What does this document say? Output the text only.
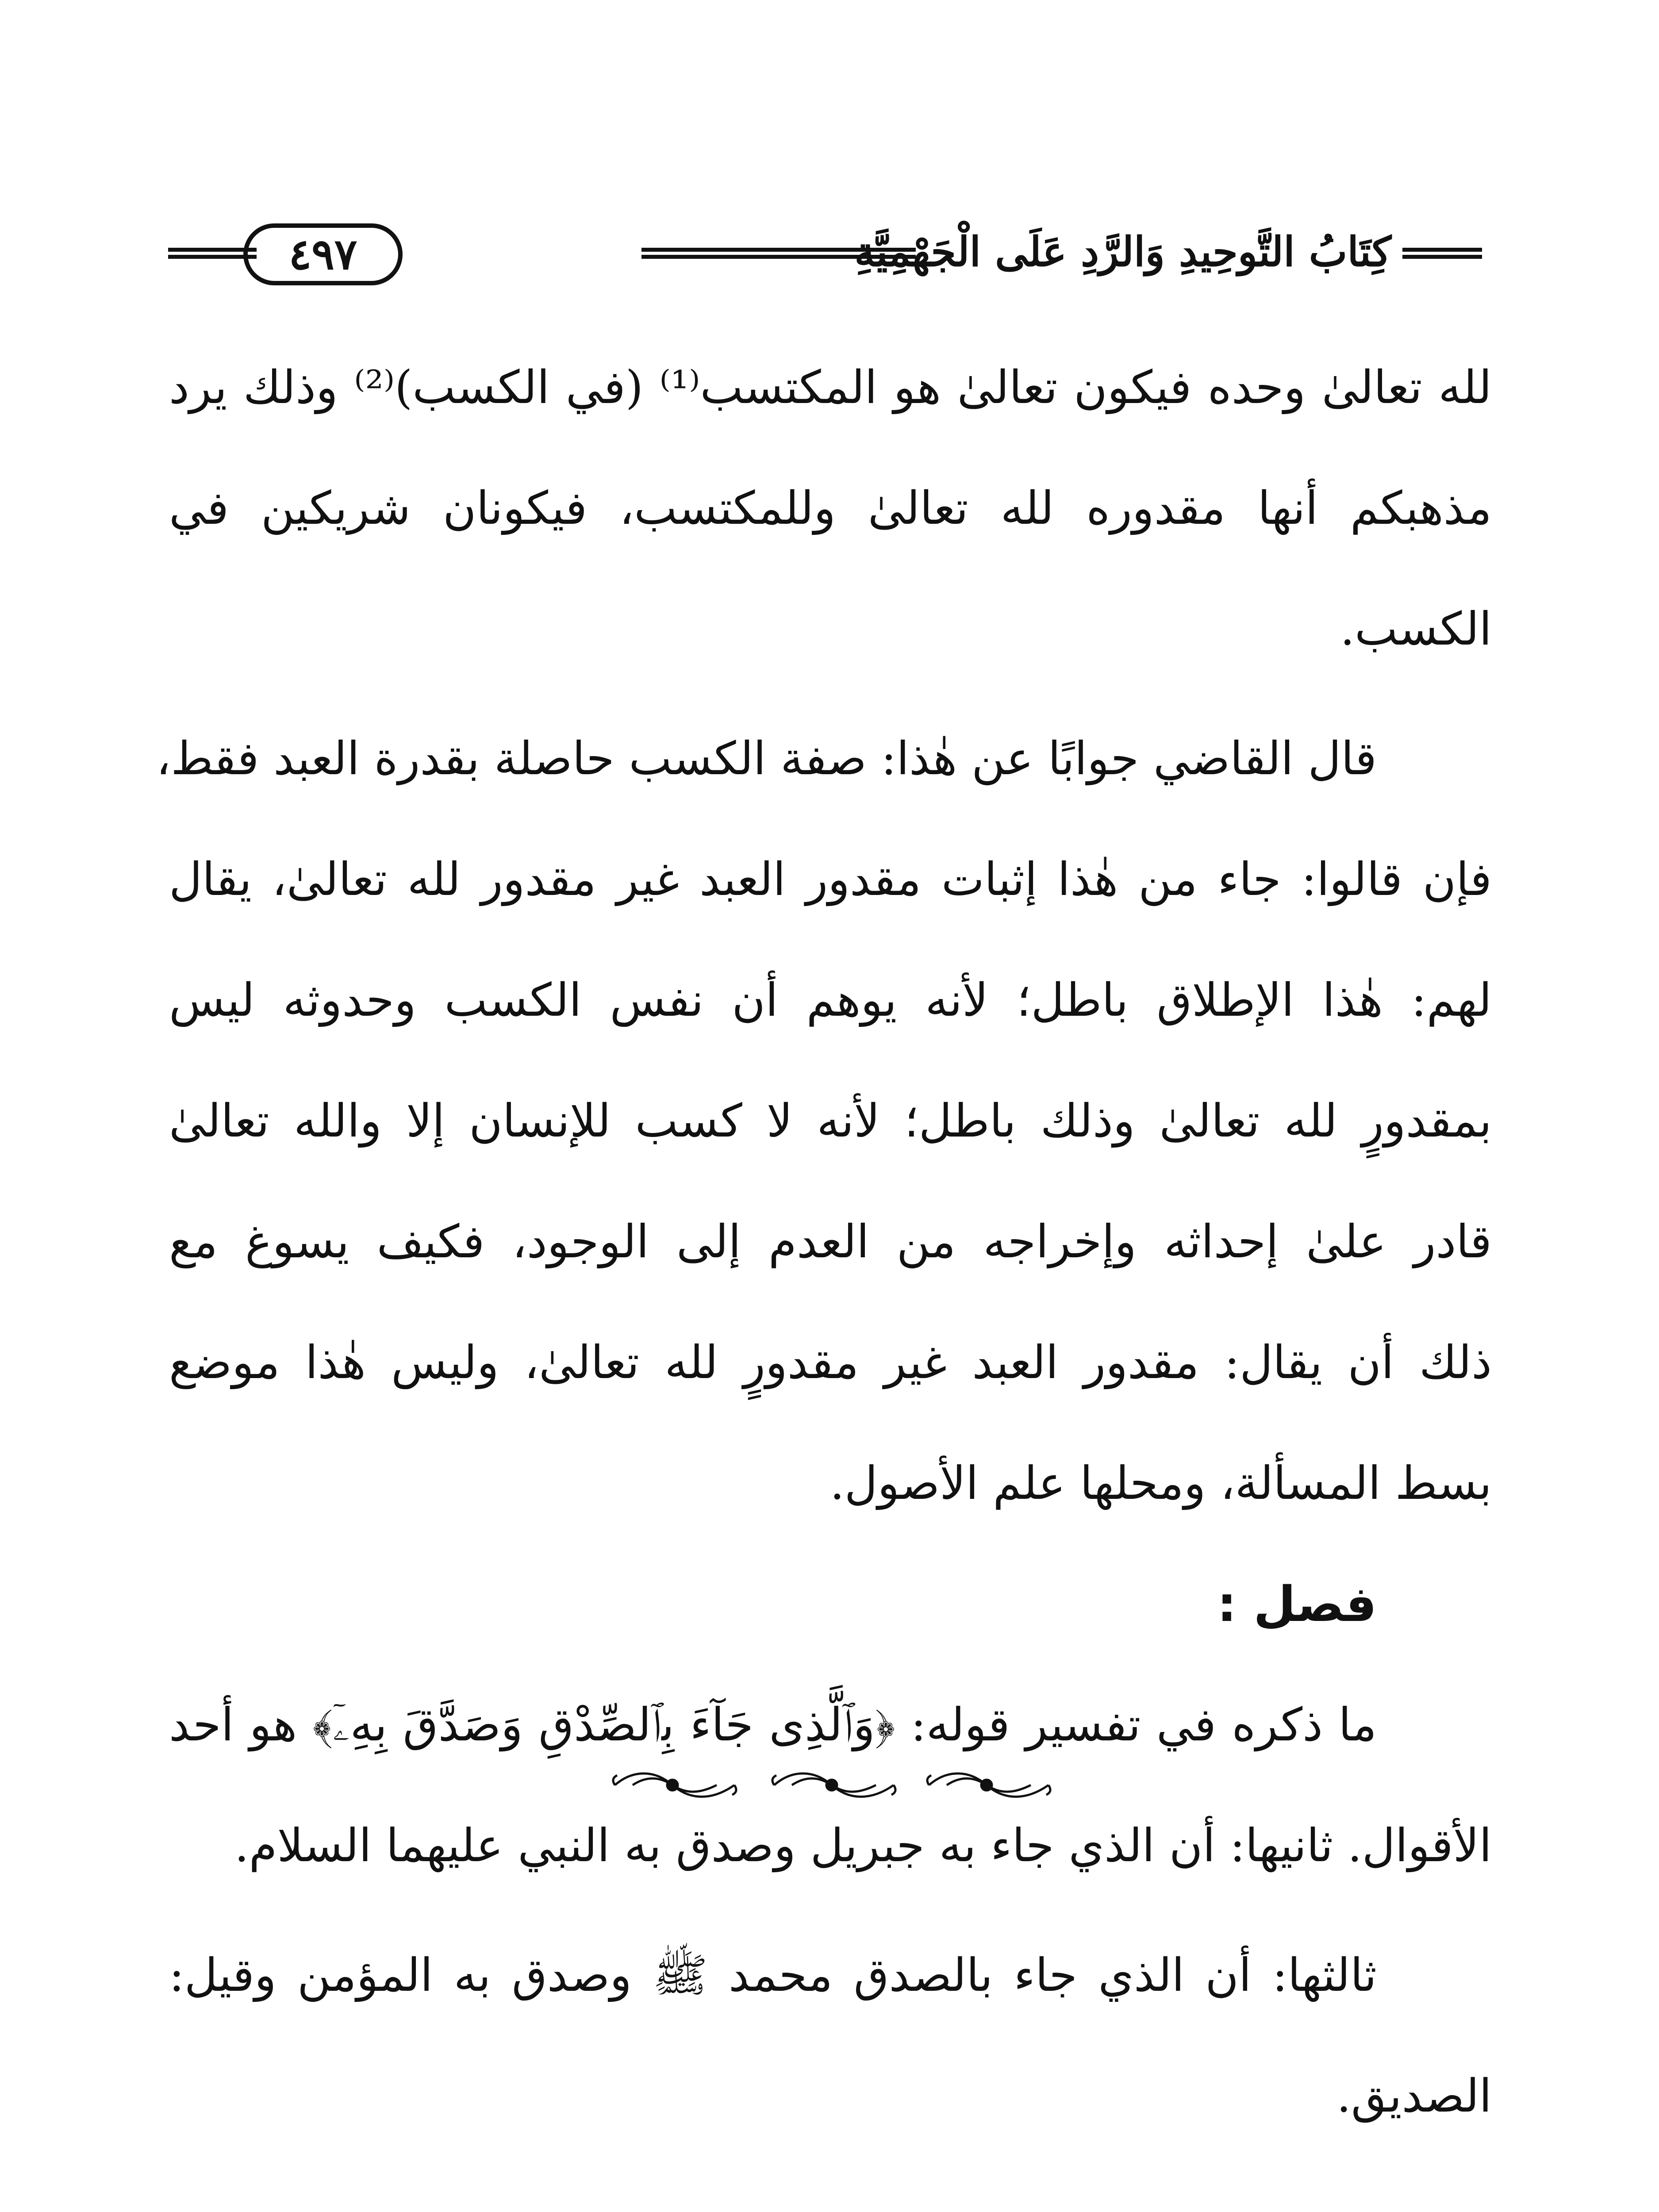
كِتَابُ التَّوحِيدِ وَالرَّدِ عَلَى الْجَهْمِيَّةِ
٤٩٧
لله تعالىٰ وحده فيكون تعالىٰ هو المكتسب⁽¹⁾ (في الكسب)⁽²⁾ وذلك يرد
مذهبكم أنها مقدوره لله تعالىٰ وللمكتسب، فيكونان شريكين في
الكسب.
قال القاضي جوابًا عن هٰذا: صفة الكسب حاصلة بقدرة العبد فقط،
فإن قالوا: جاء من هٰذا إثبات مقدور العبد غير مقدور لله تعالىٰ، يقال
لهم: هٰذا الإطلاق باطل؛ لأنه يوهم أن نفس الكسب وحدوثه ليس
بمقدورٍ لله تعالىٰ وذلك باطل؛ لأنه لا كسب للإنسان إلا والله تعالىٰ
قادر علىٰ إحداثه وإخراجه من العدم إلى الوجود، فكيف يسوغ مع
ذلك أن يقال: مقدور العبد غير مقدورٍ لله تعالىٰ، وليس هٰذا موضع
بسط المسألة، ومحلها علم الأصول.
فصل :
ما ذكره في تفسير قوله: ﴿وَٱلَّذِى جَآءَ بِٱلصِّدْقِ وَصَدَّقَ بِهِۦٓ﴾ هو أحد
الأقوال. ثانيها: أن الذي جاء به جبريل وصدق به النبي عليهما السلام.
ثالثها: أن الذي جاء بالصدق محمد ﷺ وصدق به المؤمن وقيل:
الصديق.
